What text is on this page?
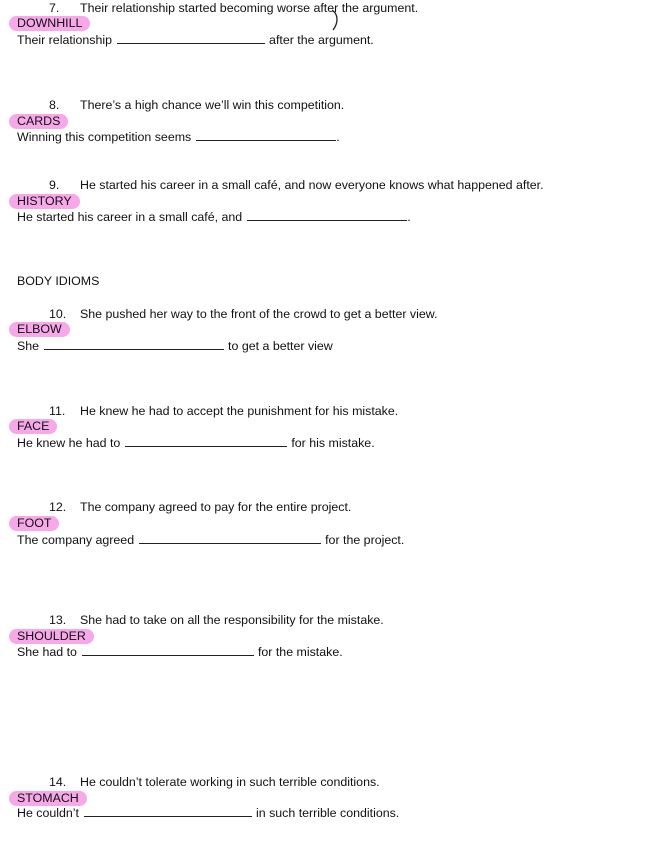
7. Their relationship started becoming worse after the argument.
DOWNHILL
Their relationship	after the argument.
8. There’s a high chance we’ll win this competition.
CARDS
Winning this competition seems	.
9. He started his career in a small café, and now everyone knows what happened after.
HISTORY
He started his career in a small café, and	.
BODY IDIOMS
10. She pushed her way to the front of the crowd to get a better view.
ELBOW
She	to get a better view
11. He knew he had to accept the punishment for his mistake.
FACE
He knew he had to	for his mistake.
12. The company agreed to pay for the entire project.
FOOT
The company agreed	for the project.
13. She had to take on all the responsibility for the mistake.
SHOULDER
She had to	for the mistake.
14. He couldn’t tolerate working in such terrible conditions.
STOMACH
He couldn’t	in such terrible conditions.
